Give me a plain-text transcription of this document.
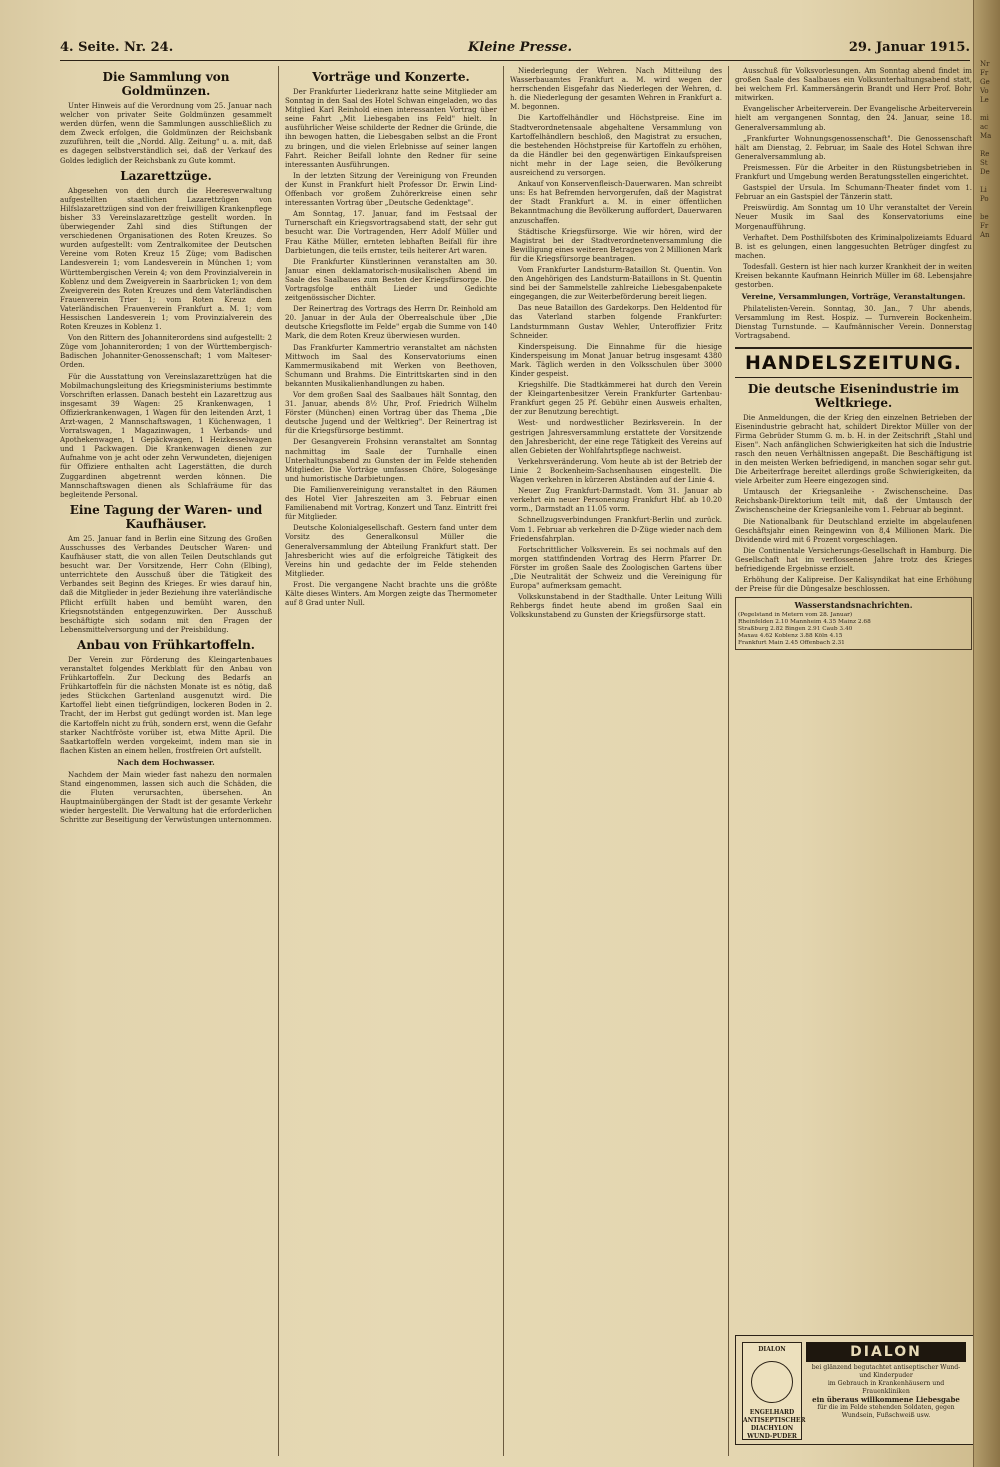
4. Seite. Nr. 24.	Kleine Presse.	29. Januar 1915.
Die Sammlung von Goldmünzen.
Unter Hinweis auf die Verordnung vom 25. Januar nach welcher von privater Seite Goldmünzen gesammelt werden dürfen, wenn die Sammlungen ausschließlich zu dem Zweck erfolgen, die Goldmünzen der Reichsbank zuzuführen, teilt die „Nordd. Allg. Zeitung" u. a. mit, daß es dagegen selbstverständlich sei, daß der Verkauf des Goldes lediglich der Reichsbank zu Gute kommt.
Lazarettzüge.
Abgesehen von den durch die Heeresverwaltung aufgestellten staatlichen Lazarettzügen von Hilfslazarettzügen sind von der freiwilligen Krankenpflege bisher 33 Vereinslazarettzüge gestellt worden. In überwiegender Zahl sind dies Stiftungen der verschiedenen Organisationen des Roten Kreuzes. So wurden aufgestellt: vom Zentralkomitee der Deutschen Vereine vom Roten Kreuz 15 Züge; vom Badischen Landesverein 1; vom Landesverein in München 1; vom Württembergischen Verein 4; von dem Provinzialverein in Koblenz und dem Zweigverein in Saarbrücken 1; von dem Zweigverein des Roten Kreuzes und dem Vaterländischen Frauenverein Trier 1; vom Roten Kreuz dem Vaterländischen Frauenverein Frankfurt a. M. 1; vom Hessischen Landesverein 1; vom Provinzialverein des Roten Kreuzes in Koblenz 1.
Von den Rittern des Johanniterordens sind aufgestellt: 2 Züge vom Johanniterorden; 1 von der Württembergisch-Badischen Johanniter-Genossenschaft; 1 vom Malteser-Orden.
Für die Ausstattung von Vereinslazarettzügen hat die Mobilmachungsleitung des Kriegsministeriums bestimmte Vorschriften erlassen. Danach besteht ein Lazarettzug aus insgesamt 39 Wagen: 25 Krankenwagen, 1 Offizierkrankenwagen, 1 Wagen für den leitenden Arzt, 1 Arzt-wagen, 2 Mannschaftswagen, 1 Küchenwagen, 1 Vorratswagen, 1 Magazinwagen, 1 Verbands- und Apothekenwagen, 1 Gepäckwagen, 1 Heizkesselwagen und 1 Packwagen. Die Krankenwagen dienen zur Aufnahme von je acht oder zehn Verwundeten, diejenigen für Offiziere enthalten acht Lagerstätten, die durch Zuggardinen abgetrennt werden können. Die Mannschaftswagen dienen als Schlafräume für das begleitende Personal.
Eine Tagung der Waren- und Kaufhäuser.
Am 25. Januar fand in Berlin eine Sitzung des Großen Ausschusses des Verbandes Deutscher Waren- und Kaufhäuser statt, die von allen Teilen Deutschlands gut besucht war. Der Vorsitzende, Herr Cohn (Elbing), unterrichtete den Ausschuß über die Tätigkeit des Verbandes seit Beginn des Krieges. Er wies darauf hin, daß die Mitglieder in jeder Beziehung ihre vaterländische Pflicht erfüllt haben und bemüht waren, den Kriegsnotständen entgegenzuwirken. Der Ausschuß beschäftigte sich sodann mit den Fragen der Lebensmittelversorgung und der Preisbildung.
Anbau von Frühkartoffeln.
Der Verein zur Förderung des Kleingartenbaues veranstaltet folgendes Merkblatt für den Anbau von Frühkartoffeln. Zur Deckung des Bedarfs an Frühkartoffeln für die nächsten Monate ist es nötig, daß jedes Stückchen Gartenland ausgenutzt wird. Die Kartoffel liebt einen tiefgründigen, lockeren Boden in 2. Tracht, der im Herbst gut gedüngt worden ist. Man lege die Kartoffeln nicht zu früh, sondern erst, wenn die Gefahr starker Nachtfröste vorüber ist, etwa Mitte April. Die Saatkartoffeln werden vorgekeimt, indem man sie in flachen Kisten an einem hellen, frostfreien Ort aufstellt.
Nach dem Hochwasser.
Nachdem der Main wieder fast nahezu den normalen Stand eingenommen, lassen sich auch die Schäden, die die Fluten verursachten, übersehen. An Hauptmainübergängen der Stadt ist der gesamte Verkehr wieder hergestellt. Die Verwaltung hat die erforderlichen Schritte zur Beseitigung der Verwüstungen unternommen.
Vorträge und Konzerte.
Der Frankfurter Liederkranz hatte seine Mitglieder am Sonntag in den Saal des Hotel Schwan eingeladen, wo das Mitglied Karl Reinhold einen interessanten Vortrag über seine Fahrt „Mit Liebesgaben ins Feld" hielt. In ausführlicher Weise schilderte der Redner die Gründe, die ihn bewogen hatten, die Liebesgaben selbst an die Front zu bringen, und die vielen Erlebnisse auf seiner langen Fahrt. Reicher Beifall lohnte den Redner für seine interessanten Ausführungen.
In der letzten Sitzung der Vereinigung von Freunden der Kunst in Frankfurt hielt Professor Dr. Erwin Lind-Offenbach vor großem Zuhörerkreise einen sehr interessanten Vortrag über „Deutsche Gedenktage".
Am Sonntag, 17. Januar, fand im Festsaal der Turnerschaft ein Kriegsvortragsabend statt, der sehr gut besucht war. Die Vortragenden, Herr Adolf Müller und Frau Käthe Müller, ernteten lebhaften Beifall für ihre Darbietungen, die teils ernster, teils heiterer Art waren.
Die Frankfurter Künstlerinnen veranstalten am 30. Januar einen deklamatorisch-musikalischen Abend im Saale des Saalbaues zum Besten der Kriegsfürsorge. Die Vortragsfolge enthält Lieder und Gedichte zeitgenössischer Dichter.
Der Reinertrag des Vortrags des Herrn Dr. Reinhold am 20. Januar in der Aula der Oberrealschule über „Die deutsche Kriegsflotte im Felde" ergab die Summe von 140 Mark, die dem Roten Kreuz überwiesen wurden.
Das Frankfurter Kammertrio veranstaltet am nächsten Mittwoch im Saal des Konservatoriums einen Kammermusikabend mit Werken von Beethoven, Schumann und Brahms. Die Eintrittskarten sind in den bekannten Musikalienhandlungen zu haben.
Vor dem großen Saal des Saalbaues hält Sonntag, den 31. Januar, abends 8½ Uhr, Prof. Friedrich Wilhelm Förster (München) einen Vortrag über das Thema „Die deutsche Jugend und der Weltkrieg". Der Reinertrag ist für die Kriegsfürsorge bestimmt.
Der Gesangverein Frohsinn veranstaltet am Sonntag nachmittag im Saale der Turnhalle einen Unterhaltungsabend zu Gunsten der im Felde stehenden Mitglieder. Die Vorträge umfassen Chöre, Sologesänge und humoristische Darbietungen.
Die Familienvereinigung veranstaltet in den Räumen des Hotel Vier Jahreszeiten am 3. Februar einen Familienabend mit Vortrag, Konzert und Tanz. Eintritt frei für Mitglieder.
Deutsche Kolonialgesellschaft. Gestern fand unter dem Vorsitz des Generalkonsul Müller die Generalversammlung der Abteilung Frankfurt statt. Der Jahresbericht wies auf die erfolgreiche Tätigkeit des Vereins hin und gedachte der im Felde stehenden Mitglieder.
Frost. Die vergangene Nacht brachte uns die größte Kälte dieses Winters. Am Morgen zeigte das Thermometer auf 8 Grad unter Null.
Niederlegung der Wehren. Nach Mitteilung des Wasserbauamtes Frankfurt a. M. wird wegen der herrschenden Eisgefahr das Niederlegen der Wehren, d. h. die Niederlegung der gesamten Wehren in Frankfurt a. M. begonnen.
Die Kartoffelhändler und Höchstpreise. Eine im Stadtverordnetensaale abgehaltene Versammlung von Kartoffelhändlern beschloß, den Magistrat zu ersuchen, die bestehenden Höchstpreise für Kartoffeln zu erhöhen, da die Händler bei den gegenwärtigen Einkaufspreisen nicht mehr in der Lage seien, die Bevölkerung ausreichend zu versorgen.
Ankauf von Konservenfleisch-Dauerwaren. Man schreibt uns: Es hat Befremden hervorgerufen, daß der Magistrat der Stadt Frankfurt a. M. in einer öffentlichen Bekanntmachung die Bevölkerung auffordert, Dauerwaren anzuschaffen.
Städtische Kriegsfürsorge. Wie wir hören, wird der Magistrat bei der Stadtverordnetenversammlung die Bewilligung eines weiteren Betrages von 2 Millionen Mark für die Kriegsfürsorge beantragen.
Vom Frankfurter Landsturm-Bataillon St. Quentin. Von den Angehörigen des Landsturm-Bataillons in St. Quentin sind bei der Sammelstelle zahlreiche Liebesgabenpakete eingegangen, die zur Weiterbeförderung bereit liegen.
Das neue Bataillon des Gardekorps. Den Heldentod für das Vaterland starben folgende Frankfurter: Landsturmmann Gustav Wehler, Unteroffizier Fritz Schneider.
Kinderspeisung. Die Einnahme für die hiesige Kinderspeisung im Monat Januar betrug insgesamt 4380 Mark. Täglich werden in den Volksschulen über 3000 Kinder gespeist.
Kriegshilfe. Die Stadtkämmerei hat durch den Verein der Kleingartenbesitzer Verein Frankfurter Gartenbau-Frankfurt gegen 25 Pf. Gebühr einen Ausweis erhalten, der zur Benutzung berechtigt.
West- und nordwestlicher Bezirksverein. In der gestrigen Jahresversammlung erstattete der Vorsitzende den Jahresbericht, der eine rege Tätigkeit des Vereins auf allen Gebieten der Wohlfahrtspflege nachweist.
Verkehrsveränderung. Vom heute ab ist der Betrieb der Linie 2 Bockenheim-Sachsenhausen eingestellt. Die Wagen verkehren in kürzeren Abständen auf der Linie 4.
Neuer Zug Frankfurt-Darmstadt. Vom 31. Januar ab verkehrt ein neuer Personenzug Frankfurt Hbf. ab 10.20 vorm., Darmstadt an 11.05 vorm.
Schnellzugsverbindungen Frankfurt-Berlin und zurück. Vom 1. Februar ab verkehren die D-Züge wieder nach dem Friedensfahrplan.
Fortschrittlicher Volksverein. Es sei nochmals auf den morgen stattfindenden Vortrag des Herrn Pfarrer Dr. Förster im großen Saale des Zoologischen Gartens über „Die Neutralität der Schweiz und die Vereinigung für Europa" aufmerksam gemacht.
Volkskunstabend in der Stadthalle. Unter Leitung Willi Rehbergs findet heute abend im großen Saal ein Volkskunstabend zu Gunsten der Kriegsfürsorge statt.
Ausschuß für Volksvorlesungen. Am Sonntag abend findet im großen Saale des Saalbaues ein Volksunterhaltungsabend statt, bei welchem Frl. Kammersängerin Brandt und Herr Prof. Bohr mitwirken.
Evangelischer Arbeiterverein. Der Evangelische Arbeiterverein hielt am vergangenen Sonntag, den 24. Januar, seine 18. Generalversammlung ab.
„Frankfurter Wohnungsgenossenschaft". Die Genossenschaft hält am Dienstag, 2. Februar, im Saale des Hotel Schwan ihre Generalversammlung ab.
Preismessen. Für die Arbeiter in den Rüstungsbetrieben in Frankfurt und Umgebung werden Beratungsstellen eingerichtet.
Gastspiel der Ursula. Im Schumann-Theater findet vom 1. Februar an ein Gastspiel der Tänzerin statt.
Preiswürdig. Am Sonntag um 10 Uhr veranstaltet der Verein Neuer Musik im Saal des Konservatoriums eine Morgenaufführung.
Verhaftet. Dem Posthilfsboten des Kriminalpolizeiamts Eduard B. ist es gelungen, einen langgesuchten Betrüger dingfest zu machen.
Todesfall. Gestern ist hier nach kurzer Krankheit der in weiten Kreisen bekannte Kaufmann Heinrich Müller im 68. Lebensjahre gestorben.
Vereine, Versammlungen, Vorträge, Veranstaltungen.
Philatelisten-Verein. Sonntag, 30. Jan., 7 Uhr abends, Versammlung im Rest. Hospiz. — Turnverein Bockenheim. Dienstag Turnstunde. — Kaufmännischer Verein. Donnerstag Vortragsabend.
HANDELSZEITUNG.
Die deutsche Eisenindustrie im Weltkriege.
Die Anmeldungen, die der Krieg den einzelnen Betrieben der Eisenindustrie gebracht hat, schildert Direktor Müller von der Firma Gebrüder Stumm G. m. b. H. in der Zeitschrift „Stahl und Eisen". Nach anfänglichen Schwierigkeiten hat sich die Industrie rasch den neuen Verhältnissen angepaßt. Die Beschäftigung ist in den meisten Werken befriedigend, in manchen sogar sehr gut. Die Arbeiterfrage bereitet allerdings große Schwierigkeiten, da viele Arbeiter zum Heere eingezogen sind.
Umtausch der Kriegsanleihe - Zwischenscheine. Das Reichsbank-Direktorium teilt mit, daß der Umtausch der Zwischenscheine der Kriegsanleihe vom 1. Februar ab beginnt.
Die Nationalbank für Deutschland erzielte im abgelaufenen Geschäftsjahr einen Reingewinn von 8,4 Millionen Mark. Die Dividende wird mit 6 Prozent vorgeschlagen.
Die Continentale Versicherungs-Gesellschaft in Hamburg. Die Gesellschaft hat im verflossenen Jahre trotz des Krieges befriedigende Ergebnisse erzielt.
Erhöhung der Kalipreise. Der Kalisyndikat hat eine Erhöhung der Preise für die Düngesalze beschlossen.
Wasserstandsnachrichten.
(Pegelstand in Metern vom 28. Januar)
Rheinfelden 2.10 Mannheim 4.35 Mainz 2.68
Straßburg 2.82 Bingen 2.91 Caub 3.40
Maxau 4.62 Koblenz 3.88 Köln 4.15
Frankfurt Main 2.45 Offenbach 2.31
DIALON
ENGELHARD
ANTISEPTISCHER
DIACHYLON
WUND-PUDER
DIALON
bei glänzend begutachtet antiseptischer Wund- und Kinderpuder
im Gebrauch in Krankenhäusern und Frauenkliniken
ein überaus willkommene Liebesgabe
für die im Felde stehenden Soldaten, gegen Wundsein, Fußschweiß usw.
Nr
Fr
Ge
Vo
Le

mi
ac
Ma

Re
St
De

Li
Po

be
Fr
An
